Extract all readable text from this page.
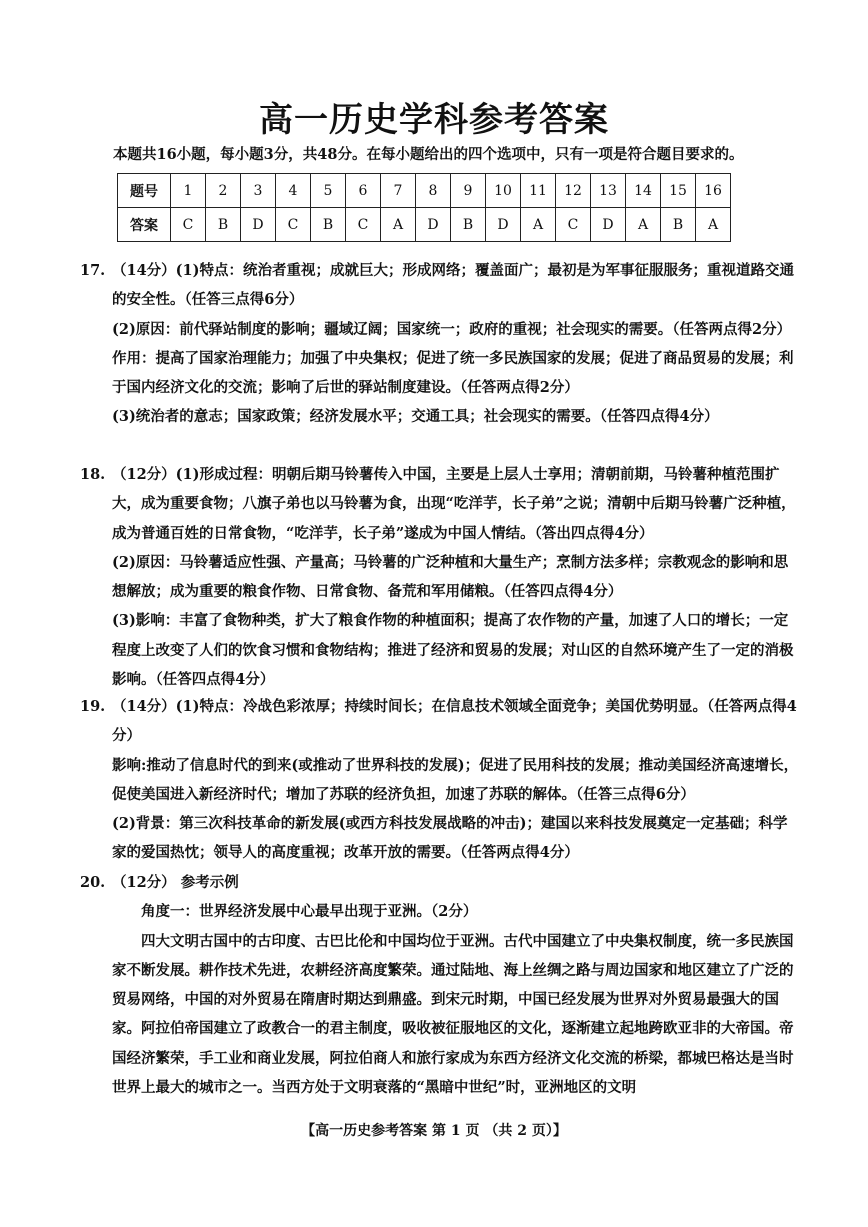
高一历史学科参考答案
本题共16小题，每小题3分，共48分。在每小题给出的四个选项中，只有一项是符合题目要求的。
题号	1	2	3	4	5	6	7	8	9	10	11	12	13	14	15	16
答案	C	B	D	C	B	C	A	D	B	D	A	C	D	A	B	A
17. （14分）(1)特点：统治者重视；成就巨大；形成网络；覆盖面广；最初是为军事征服服务；重视道路交通的安全性。（任答三点得6分）

(2)原因：前代驿站制度的影响；疆域辽阔；国家统一；政府的重视；社会现实的需要。（任答两点得2分）

作用：提高了国家治理能力；加强了中央集权；促进了统一多民族国家的发展；促进了商品贸易的发展；利于国内经济文化的交流；影响了后世的驿站制度建设。（任答两点得2分）

(3)统治者的意志；国家政策；经济发展水平；交通工具；社会现实的需要。（任答四点得4分）

18. （12分）(1)形成过程：明朝后期马铃薯传入中国，主要是上层人士享用；清朝前期，马铃薯种植范围扩大，成为重要食物；八旗子弟也以马铃薯为食，出现“吃洋芋，长子弟”之说；清朝中后期马铃薯广泛种植，成为普通百姓的日常食物，“吃洋芋，长子弟”遂成为中国人情结。（答出四点得4分）

(2)原因：马铃薯适应性强、产量高；马铃薯的广泛种植和大量生产；烹制方法多样；宗教观念的影响和思想解放；成为重要的粮食作物、日常食物、备荒和军用储粮。（任答四点得4分）

(3)影响：丰富了食物种类，扩大了粮食作物的种植面积；提高了农作物的产量，加速了人口的增长；一定程度上改变了人们的饮食习惯和食物结构；推进了经济和贸易的发展；对山区的自然环境产生了一定的消极影响。（任答四点得4分）

19. （14分）(1)特点：冷战色彩浓厚；持续时间长；在信息技术领域全面竞争；美国优势明显。（任答两点得4分）

影响:推动了信息时代的到来(或推动了世界科技的发展)；促进了民用科技的发展；推动美国经济高速增长，促使美国进入新经济时代；增加了苏联的经济负担，加速了苏联的解体。（任答三点得6分）

(2)背景：第三次科技革命的新发展(或西方科技发展战略的冲击)；建国以来科技发展奠定一定基础；科学家的爱国热忱；领导人的高度重视；改革开放的需要。（任答两点得4分）

20. （12分） 参考示例

角度一：世界经济发展中心最早出现于亚洲。（2分）

四大文明古国中的古印度、古巴比伦和中国均位于亚洲。古代中国建立了中央集权制度，统一多民族国家不断发展。耕作技术先进，农耕经济高度繁荣。通过陆地、海上丝绸之路与周边国家和地区建立了广泛的贸易网络，中国的对外贸易在隋唐时期达到鼎盛。到宋元时期，中国已经发展为世界对外贸易最强大的国家。阿拉伯帝国建立了政教合一的君主制度，吸收被征服地区的文化，逐渐建立起地跨欧亚非的大帝国。帝国经济繁荣，手工业和商业发展，阿拉伯商人和旅行家成为东西方经济文化交流的桥梁，都城巴格达是当时世界上最大的城市之一。当西方处于文明衰落的“黑暗中世纪”时，亚洲地区的文明

【高一历史参考答案 第 1 页 （共 2 页）】
